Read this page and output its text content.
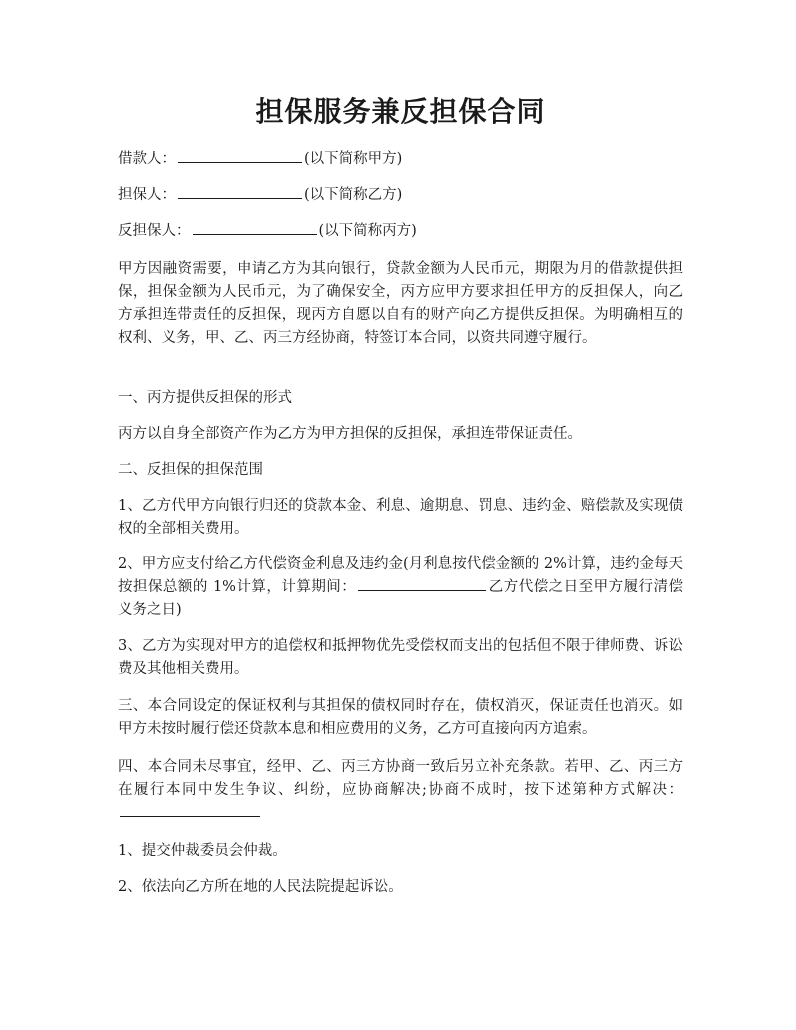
担保服务兼反担保合同
借款人：	(以下简称甲方)
担保人：	(以下简称乙方)
反担保人：	(以下简称丙方)

甲方因融资需要，申请乙方为其向银行，贷款金额为人民币元，期限为月的借款提供担保，担保金额为人民币元，为了确保安全，丙方应甲方要求担任甲方的反担保人，向乙方承担连带责任的反担保，现丙方自愿以自有的财产向乙方提供反担保。为明确相互的权利、义务，甲、乙、丙三方经协商，特签订本合同，以资共同遵守履行。

一、丙方提供反担保的形式

丙方以自身全部资产作为乙方为甲方担保的反担保，承担连带保证责任。

二、反担保的担保范围

1、乙方代甲方向银行归还的贷款本金、利息、逾期息、罚息、违约金、赔偿款及实现债权的全部相关费用。

2、甲方应支付给乙方代偿资金利息及违约金(月利息按代偿金额的 2%计算，违约金每天按担保总额的 1%计算，计算期间：	乙方代偿之日至甲方履行清偿义务之日)

3、乙方为实现对甲方的追偿权和抵押物优先受偿权而支出的包括但不限于律师费、诉讼费及其他相关费用。

三、本合同设定的保证权利与其担保的债权同时存在，债权消灭，保证责任也消灭。如甲方未按时履行偿还贷款本息和相应费用的义务，乙方可直接向丙方追索。

四、本合同未尽事宜，经甲、乙、丙三方协商一致后另立补充条款。若甲、乙、丙三方在履行本同中发生争议、纠纷，应协商解决;协商不成时，按下述第种方式解决：

1、提交仲裁委员会仲裁。

2、依法向乙方所在地的人民法院提起诉讼。
